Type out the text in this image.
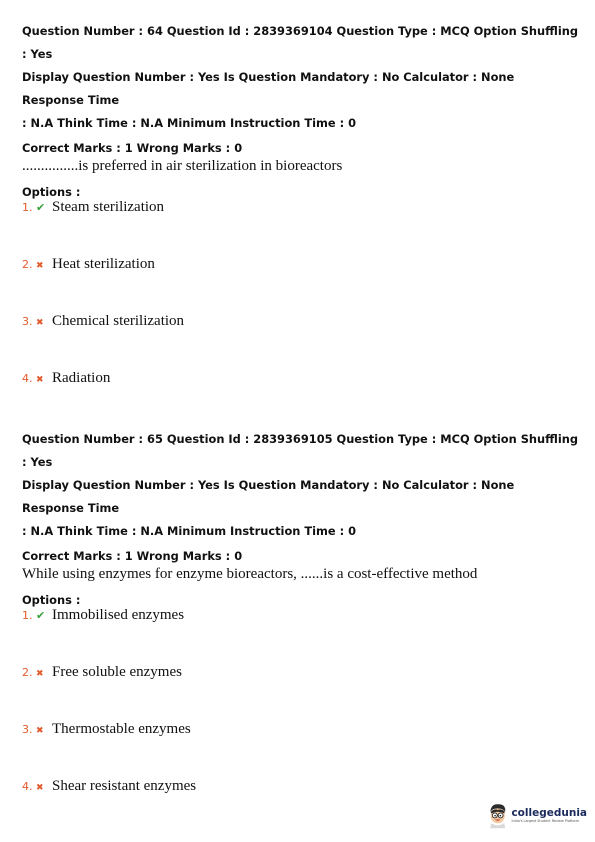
Question Number : 64 Question Id : 2839369104 Question Type : MCQ Option Shuffling : Yes

Display Question Number : Yes Is Question Mandatory : No Calculator : None Response Time

: N.A Think Time : N.A Minimum Instruction Time : 0

Correct Marks : 1 Wrong Marks : 0
...............is preferred in air sterilization in bioreactors
Options :
1. ✔ Steam sterilization
2. ✖ Heat sterilization
3. ✖ Chemical sterilization
4. ✖ Radiation

Question Number : 65 Question Id : 2839369105 Question Type : MCQ Option Shuffling : Yes

Display Question Number : Yes Is Question Mandatory : No Calculator : None Response Time

: N.A Think Time : N.A Minimum Instruction Time : 0

Correct Marks : 1 Wrong Marks : 0
While using enzymes for enzyme bioreactors, ......is a cost-effective method
Options :
1. ✔ Immobilised enzymes
2. ✖ Free soluble enzymes
3. ✖ Thermostable enzymes
4. ✖ Shear resistant enzymes
collegedunia
India's Largest Student Review Platform
